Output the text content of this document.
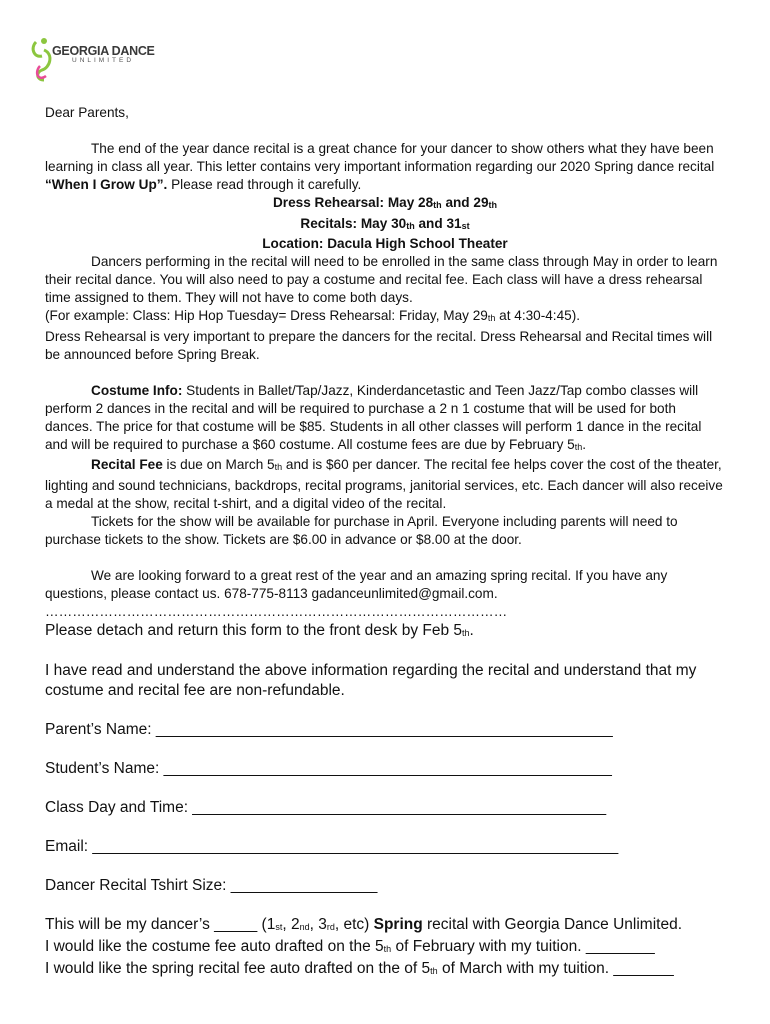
GEORGIA DANCE
UNLIMITED

Dear Parents,

The end of the year dance recital is a great chance for your dancer to show others what they have been learning in class all year. This letter contains very important information regarding our 2020 Spring dance recital “When I Grow Up”. Please read through it carefully.

Dress Rehearsal: May 28th and 29th

Recitals: May 30th and 31st

Location: Dacula High School Theater

Dancers performing in the recital will need to be enrolled in the same class through May in order to learn their recital dance. You will also need to pay a costume and recital fee. Each class will have a dress rehearsal time assigned to them. They will not have to come both days.

(For example: Class: Hip Hop Tuesday= Dress Rehearsal: Friday, May 29th at 4:30-4:45).

Dress Rehearsal is very important to prepare the dancers for the recital. Dress Rehearsal and Recital times will be announced before Spring Break.

Costume Info: Students in Ballet/Tap/Jazz, Kinderdancetastic and Teen Jazz/Tap combo classes will perform 2 dances in the recital and will be required to purchase a 2 n 1 costume that will be used for both dances. The price for that costume will be $85. Students in all other classes will perform 1 dance in the recital and will be required to purchase a $60 costume. All costume fees are due by February 5th.

Recital Fee is due on March 5th and is $60 per dancer. The recital fee helps cover the cost of the theater, lighting and sound technicians, backdrops, recital programs, janitorial services, etc. Each dancer will also receive a medal at the show, recital t-shirt, and a digital video of the recital.

Tickets for the show will be available for purchase in April. Everyone including parents will need to purchase tickets to the show. Tickets are $6.00 in advance or $8.00 at the door.

We are looking forward to a great rest of the year and an amazing spring recital. If you have any questions, please contact us. 678-775-8113 gadanceunlimited@gmail.com.

…………………………………………………………………………………………

Please detach and return this form to the front desk by Feb 5th.

I have read and understand the above information regarding the recital and understand that my costume and recital fee are non-refundable.

Parent’s Name: _____________________________________________________

Student’s Name: ____________________________________________________

Class Day and Time: ________________________________________________

Email: _____________________________________________________________

Dancer Recital Tshirt Size: _________________

This will be my dancer’s _____ (1st, 2nd, 3rd, etc) Spring recital with Georgia Dance Unlimited.

I would like the costume fee auto drafted on the 5th of February with my tuition. ________

I would like the spring recital fee auto drafted on the of 5th of March with my tuition. _______
